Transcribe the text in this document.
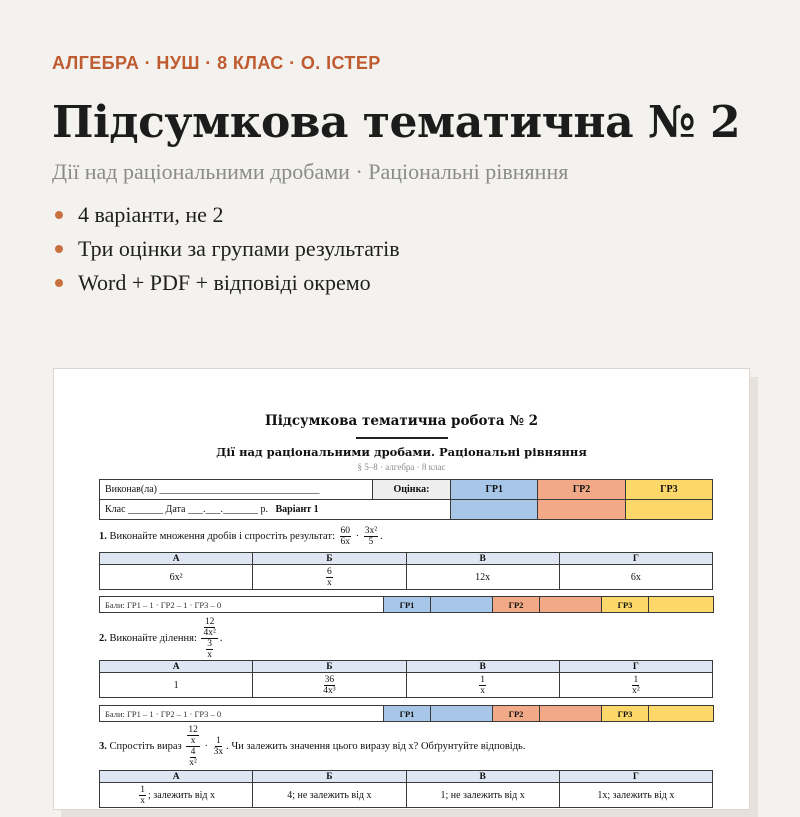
АЛГЕБРА · НУШ · 8 КЛАС · О. ІСТЕР
Підсумкова тематична № 2
Дії над раціональними дробами · Раціональні рівняння
4 варіанти, не 2
Три оцінки за групами результатів
Word + PDF + відповіді окремо
Підсумкова тематична робота № 2
Дії над раціональними дробами. Раціональні рівняння
§ 5–8 · алгебра · 8 клас
Виконав(ла) ________________________________	Оцінка:	ГР1	ГР2	ГР3
Клас _______ Дата ___.___._______ р. Варіант 1				
1. Виконайте множення дробів і спростіть результат: $\frac{60}{6x} \cdot \frac{\text{3x²}}{5}$ .
А	Б	В	Г
6x²	$\frac{6}{x}$	12x	6x
Бали: ГР1 – 1 · ГР2 – 1 · ГР3 – 0	ГР1		ГР2		ГР3	
2. Виконайте ділення: $\frac{\frac{12}{\text{4x²}}}{\frac{3}{x}}$ .
А	Б	В	Г
1	$\frac{36}{\text{4x³}}$	$\frac{1}{x}$	$\frac{1}{\text{x²}}$
Бали: ГР1 – 1 · ГР2 – 1 · ГР3 – 0	ГР1		ГР2		ГР3	
3. Спростіть вираз $\frac{\frac{12}{x}}{\frac{4}{\text{x²}}} \cdot \frac{1}{3x}$ . Чи залежить значення цього виразу від x? Обґрунтуйте відповідь.
А	Б	В	Г

$\frac{1}{x}$ ; залежить від x	4; не залежить від x	1; не залежить від x	1x; залежить від x
